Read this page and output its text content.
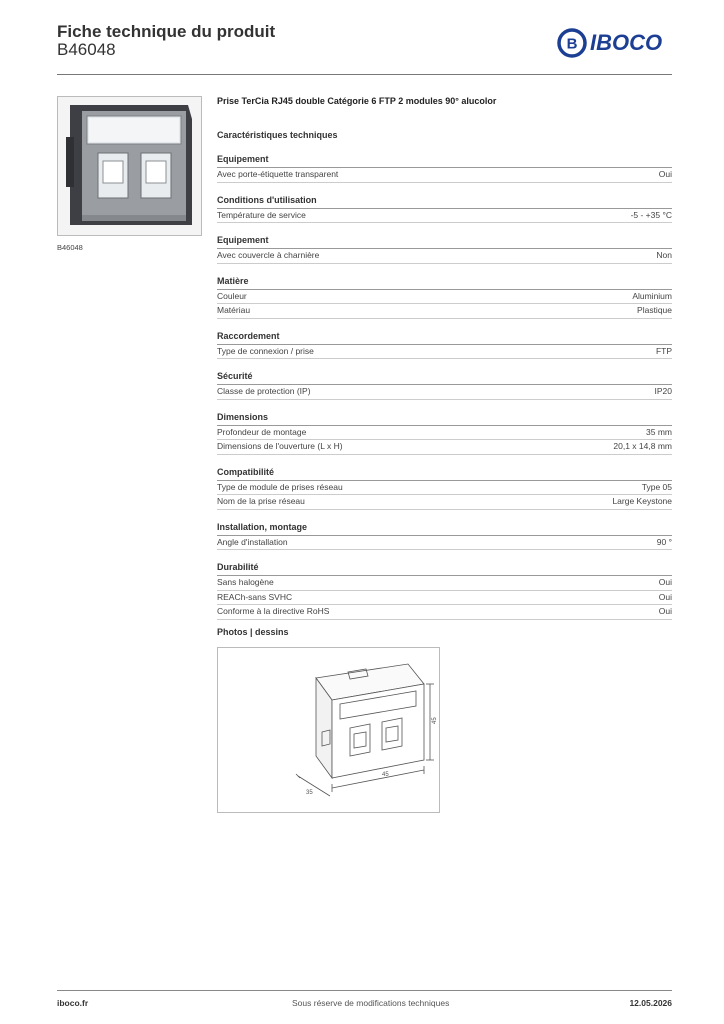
Fiche technique du produit
B46048	B IBOCO
B46048
Prise TerCia RJ45 double Catégorie 6 FTP 2 modules 90° alucolor
Caractéristiques techniques
Equipement
Avec porte-étiquette transparent	Oui
Conditions d'utilisation
Température de service	-5 - +35 °C
Equipement
Avec couvercle à charnière	Non
Matière
Couleur	Aluminium
Matériau	Plastique
Raccordement
Type de connexion / prise	FTP
Sécurité
Classe de protection (IP)	IP20
Dimensions
Profondeur de montage	35 mm
Dimensions de l'ouverture (L x H)	20,1 x 14,8 mm
Compatibilité
Type de module de prises réseau	Type 05
Nom de la prise réseau	Large Keystone
Installation, montage
Angle d'installation	90 °
Durabilité
Sans halogène	Oui
REACh-sans SVHC	Oui
Conforme à la directive RoHS	Oui
Photos | dessins
45
45
35
iboco.fr	Sous réserve de modifications techniques	12.05.2026
